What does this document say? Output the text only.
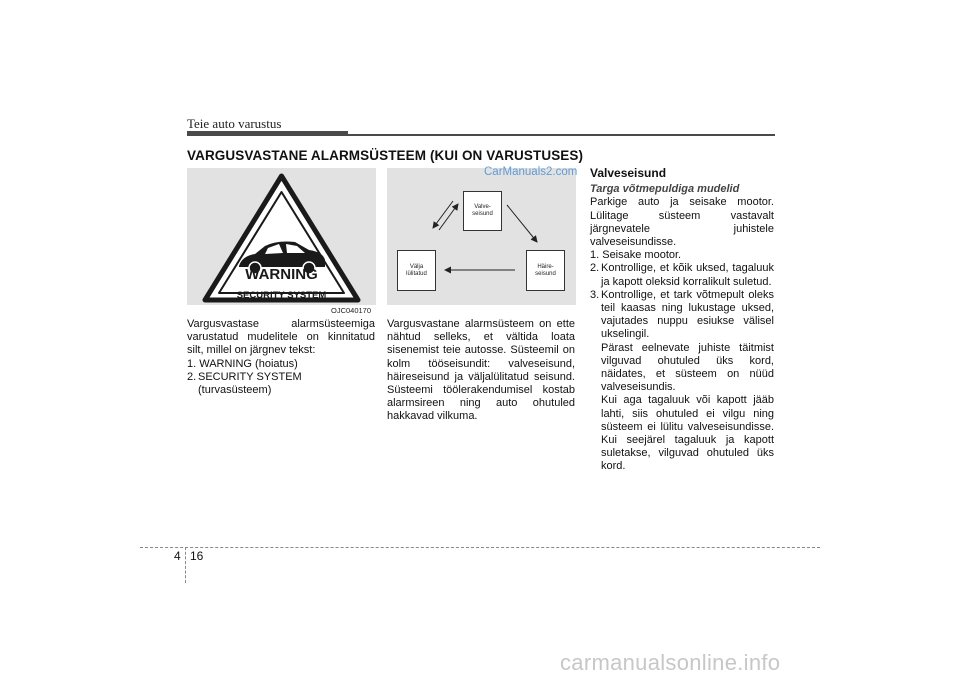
Teie auto varustus
VARGUSVASTANE ALARMSÜSTEEM (KUI ON VARUSTUSES)
WARNING
SECURITY SYSTEM
OJC040170
Valve-
seisund
Häire-
seisund
Välja
lülitatud
CarManuals2.com

Vargusvastase alarmsüsteemiga varustatud mudelitele on kinnitatud silt, millel on järgnev tekst:

1. WARNING (hoiatus)

2. SECURITY SYSTEM (turvasüsteem)

Vargusvastane alarmsüsteem on ette nähtud selleks, et vältida loata sisenemist teie autosse. Süsteemil on kolm tööseisundit: valveseisund, häireseisund ja väljalülitatud seisund. Süsteemi töölerakendumisel kostab alarmsireen ning auto ohutuled hakkavad vilkuma.

Valveseisund

Targa võtmepuldiga mudelid

Parkige auto ja seisake mootor. Lülitage süsteem vastavalt järgnevatele juhistele valveseisundisse.

1. Seisake mootor.

2. Kontrollige, et kõik uksed, tagaluuk ja kapott oleksid korralikult suletud.
3. Kontrollige, et tark võtmepult oleks teil kaasas ning lukustage uksed, vajutades nuppu esiukse välisel ukselingil.

Pärast eelnevate juhiste täitmist vilguvad ohutuled üks kord, näidates, et süsteem on nüüd valveseisundis.

Kui aga tagaluuk või kapott jääb lahti, siis ohutuled ei vilgu ning süsteem ei lülitu valveseisundisse. Kui seejärel tagaluuk ja kapott suletakse, vilguvad ohutuled üks kord.

4 16
carmanualsonline.info
